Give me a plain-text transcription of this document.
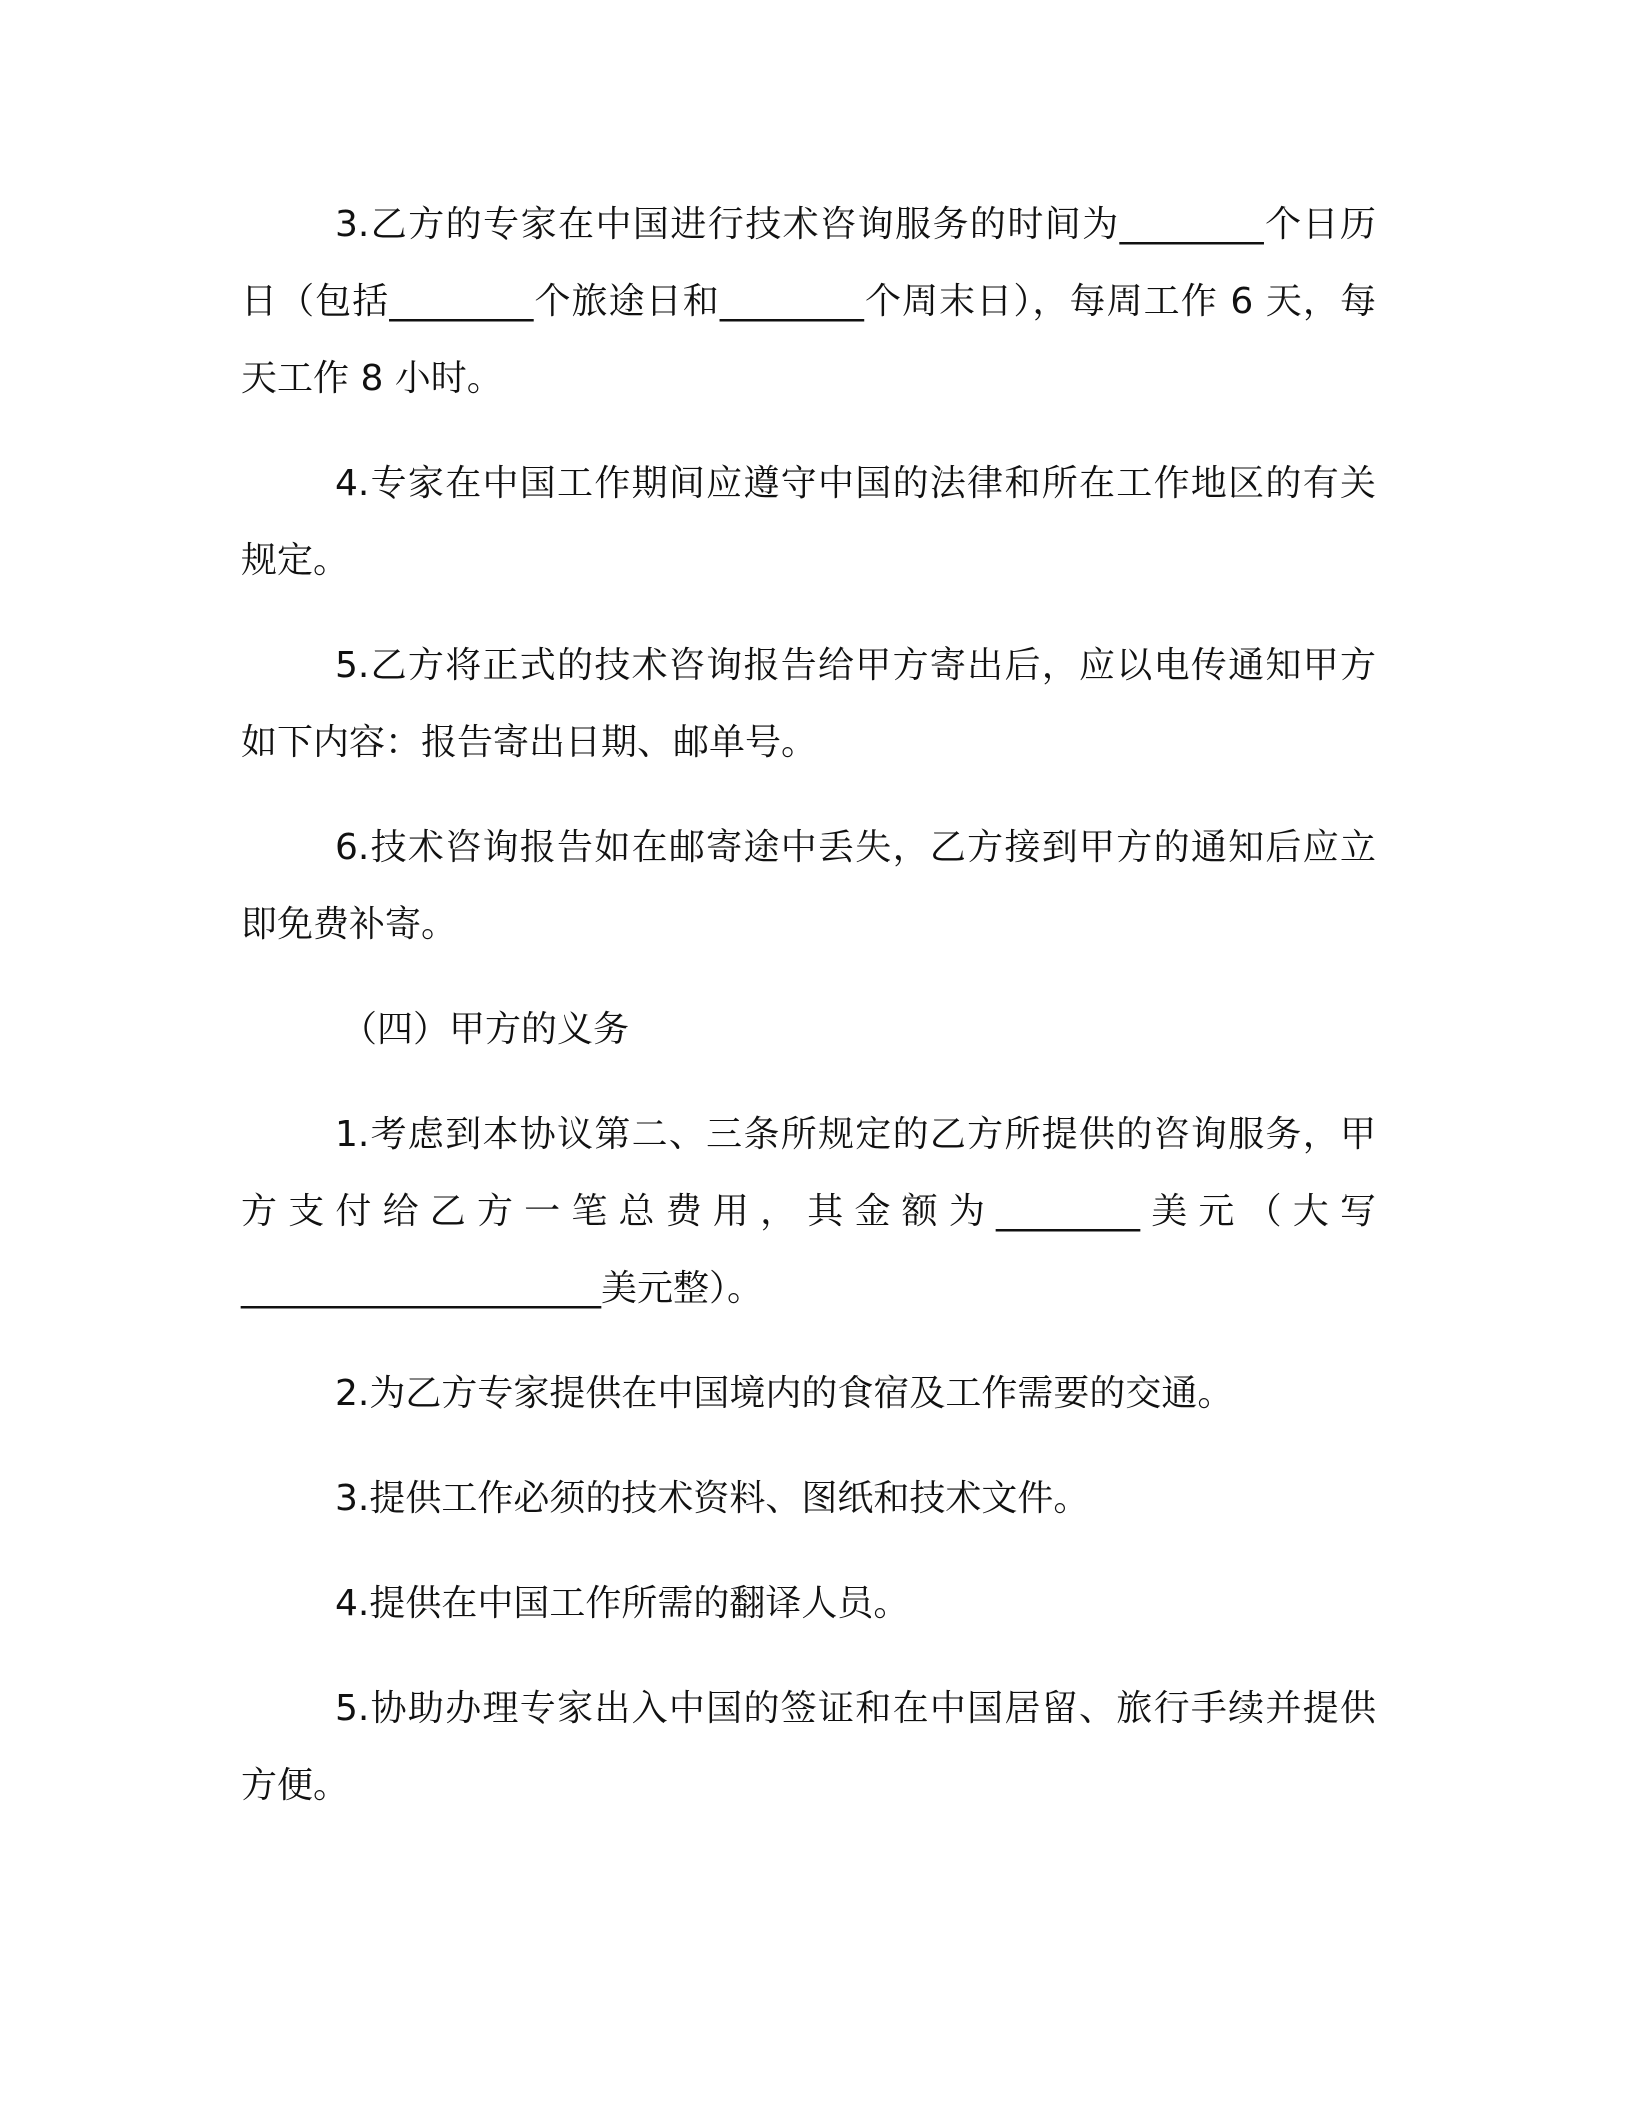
3.乙方的专家在中国进行技术咨询服务的时间为________个日历日（包括________个旅途日和________个周末日），每周工作 6 天，每天工作 8 小时。

4.专家在中国工作期间应遵守中国的法律和所在工作地区的有关规定。

5.乙方将正式的技术咨询报告给甲方寄出后，应以电传通知甲方如下内容：报告寄出日期、邮单号。

6.技术咨询报告如在邮寄途中丢失，乙方接到甲方的通知后应立即免费补寄。

（四）甲方的义务

1.考虑到本协议第二、三条所规定的乙方所提供的咨询服务，甲方支付给乙方一笔总费用，其金额为________美元（大写____________________美元整）。

2.为乙方专家提供在中国境内的食宿及工作需要的交通。

3.提供工作必须的技术资料、图纸和技术文件。

4.提供在中国工作所需的翻译人员。

5.协助办理专家出入中国的签证和在中国居留、旅行手续并提供方便。
